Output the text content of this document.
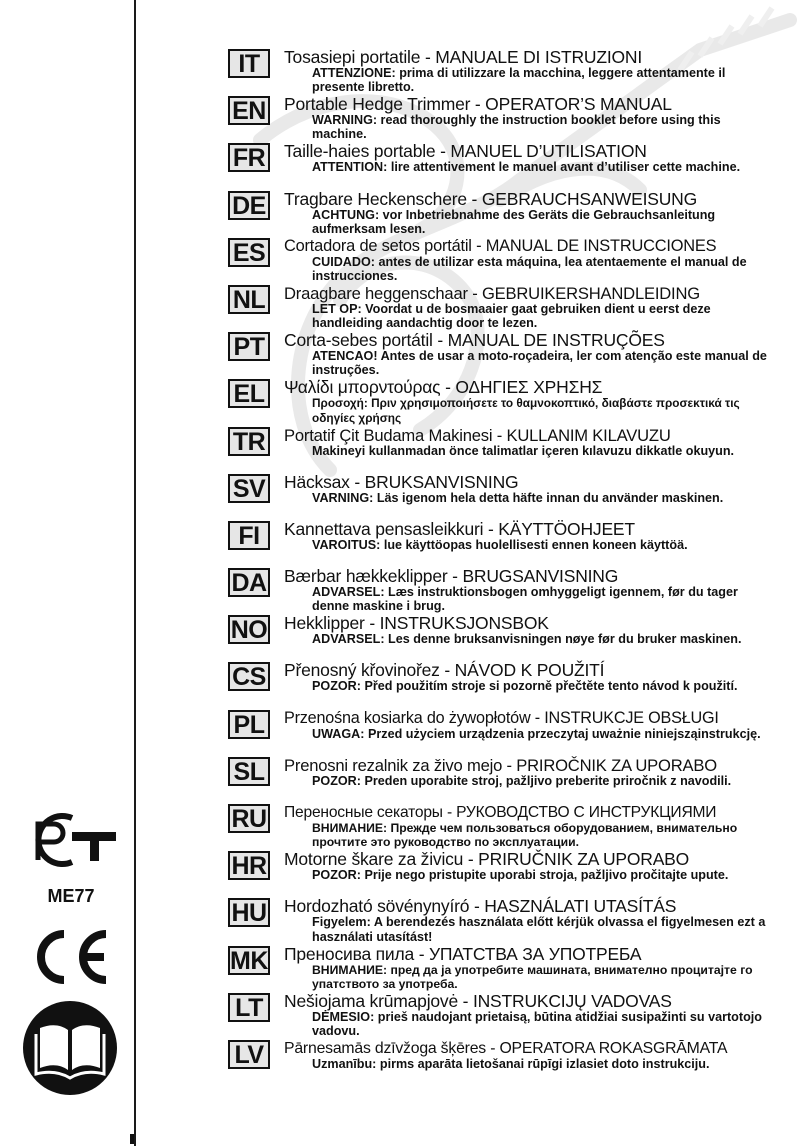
IT	Tosasiepi portatile - MANUALE DI ISTRUZIONI
ATTENZIONE: prima di utilizzare la macchina, leggere attentamente il presente libretto.
EN Portable Hedge Trimmer - OPERATOR’S MANUAL
WARNING: read thoroughly the instruction booklet before using this machine.
FR Taille-haies portable - MANUEL D’UTILISATION
ATTENTION: lire attentivement le manuel avant d’utiliser cette machine.
DE Tragbare Heckenschere - GEBRAUCHSANWEISUNG
ACHTUNG: vor Inbetriebnahme des Geräts die Gebrauchsanleitung aufmerksam lesen.
ES Cortadora de setos portátil - MANUAL DE INSTRUCCIONES
CUIDADO: antes de utilizar esta máquina, lea atentaemente el manual de instrucciones.
NL Draagbare heggenschaar - GEBRUIKERSHANDLEIDING
LET OP: Voordat u de bosmaaier gaat gebruiken dient u eerst deze handleiding aandachtig door te lezen.
PT	Corta-sebes portátil - MANUAL DE INSTRUÇÕES
ATENCAO! Antes de usar a moto-roçadeira, ler com atenção este manual de instruções.
EL	Ψαλίδι μπορντούρας - ΟΔΗΓΙΕΣ ΧΡΗΣΗΣ
Προσοχή: Πριν χρησιμοποιήσετε το θαμνοκοπτικό, διαβάστε προσεκτικά τις οδηγίες χρήσης
TR Portatif Çit Budama Makinesi - KULLANIM KILAVUZU
Makineyi kullanmadan önce talimatlar içeren kılavuzu dikkatle okuyun.
SV Häcksax - BRUKSANVISNING
VARNING: Läs igenom hela detta häfte innan du använder maskinen.
FI	Kannettava pensasleikkuri - KÄYTTÖOHJEET
VAROITUS: lue käyttöopas huolellisesti ennen koneen käyttöä.
DA Bærbar hækkeklipper - BRUGSANVISNING
ADVARSEL: Læs instruktionsbogen omhyggeligt igennem, før du tager denne maskine i brug.
NO Hekklipper - INSTRUKSJONSBOK
ADVARSEL: Les denne bruksanvisningen nøye før du bruker maskinen.
CS Přenosný křovinořez - NÁVOD K POUŽITÍ
POZOR: Před použitím stroje si pozorně přečtěte tento návod k použití.
PL	Przenośna kosiarka do żywopłotów - INSTRUKCJE OBSŁUGI
UWAGA: Przed użyciem urządzenia przeczytaj uważnie niniejsząinstrukcję.
SL	Prenosni rezalnik za živo mejo - PRIROČNIK ZA UPORABO
POZOR: Preden uporabite stroj, pažljivo preberite priročnik z navodili.
RU Переносные секаторы - РУКОВОДСТВО С ИНСТРУКЦИЯМИ
ВНИМАНИЕ: Прежде чем пользоваться оборудованием, внимательно прочтите это руководство по эксплуатации.
HR Motorne škare za živicu - PRIRUČNIK ZA UPORABO
POZOR: Prije nego pristupite uporabi stroja, pažljivo pročitajte upute.
HU Hordozható sövénynyíró - HASZNÁLATI UTASÍTÁS
Figyelem: A berendezés használata előtt kérjük olvassa el figyelmesen ezt a használati utasítást!
MK Преносива пила - УПАТСТВА ЗА УПОТРЕБА
ВНИМАНИЕ: пред да ја употребите машината, внимателно процитајте го упатството за употреба.
LT	Nešiojama krūmapjovė - INSTRUKCIJŲ VADOVAS
DĖMESIO: prieš naudojant prietaisą, būtina atidžiai susipažinti su vartotojo vadovu.
LV	Pārnesamās dzīvžoga šķēres - OPERATORA ROKASGRĀMATA
Uzmanību: pirms aparāta lietošanai rūpīgi izlasiet doto instrukciju.
ME77
